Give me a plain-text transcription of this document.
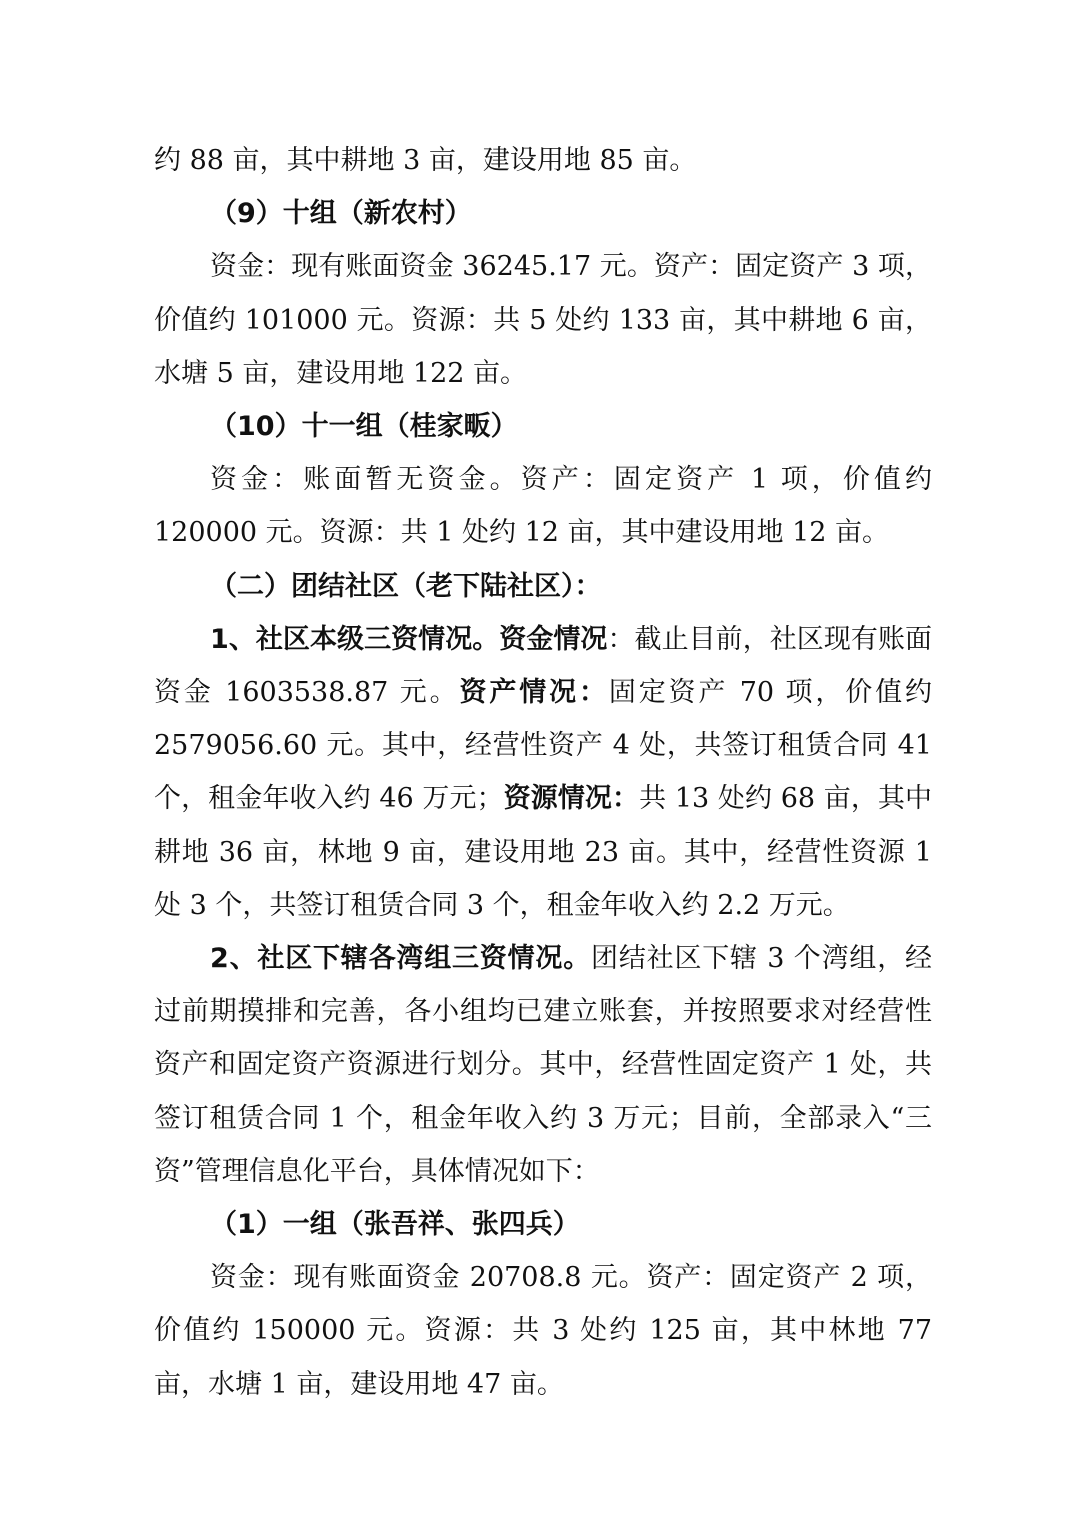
约 88 亩，其中耕地 3 亩，建设用地 85 亩。

（9）十组（新农村）

资金：现有账面资金 36245.17 元。资产：固定资产 3 项，价值约 101000 元。资源：共 5 处约 133 亩，其中耕地 6 亩，水塘 5 亩，建设用地 122 亩。

（10）十一组（桂家畈）

资金：账面暂无资金。资产：固定资产 1 项，价值约 120000 元。资源：共 1 处约 12 亩，其中建设用地 12 亩。

（二）团结社区（老下陆社区）：

1、社区本级三资情况。资金情况：截止目前，社区现有账面资金 1603538.87 元。资产情况：固定资产 70 项，价值约 2579056.60 元。其中，经营性资产 4 处，共签订租赁合同 41 个，租金年收入约 46 万元；资源情况：共 13 处约 68 亩，其中耕地 36 亩，林地 9 亩，建设用地 23 亩。其中，经营性资源 1 处 3 个，共签订租赁合同 3 个，租金年收入约 2.2 万元。

2、社区下辖各湾组三资情况。团结社区下辖 3 个湾组，经过前期摸排和完善，各小组均已建立账套，并按照要求对经营性资产和固定资产资源进行划分。其中，经营性固定资产 1 处，共签订租赁合同 1 个，租金年收入约 3 万元；目前，全部录入“三资”管理信息化平台，具体情况如下：

（1）一组（张吾祥、张四兵）

资金：现有账面资金 20708.8 元。资产：固定资产 2 项，价值约 150000 元。资源：共 3 处约 125 亩，其中林地 77 亩，水塘 1 亩，建设用地 47 亩。
